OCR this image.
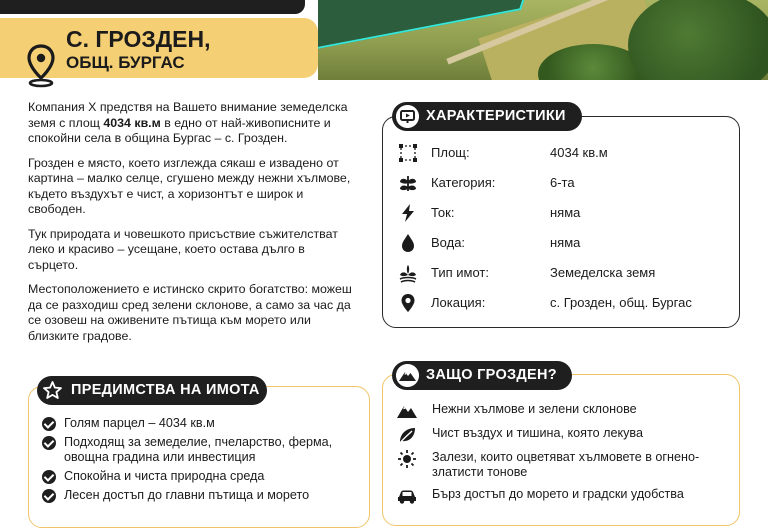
С. ГРОЗДЕН,
ОБЩ. БУРГАС

Компания Х предствя на Вашето внимание земеделска земя с площ 4034 кв.м в едно от най-живописните и спокойни села в община Бургас – с. Грозден.

Грозден е място, което изглежда сякаш е извадено от картина – малко селце, сгушено между нежни хълмове, където въздухът е чист, а хоризонтът е широк и свободен.

Тук природата и човешкото присъствие съжителстват леко и красиво – усещане, което остава дълго в сърцето.

Местоположението е истинско скрито богатство: можеш да се разходиш сред зелени склонове, а само за час да се озовеш на оживените пътища към морето или близките градове.

ХАРАКТЕРИСТИКИ
Площ:	4034 кв.м
Категория:	6-та
Ток:	няма
Вода:	няма
Тип имот:	Земеделска земя
Локация:	с. Грозден, общ. Бургас
ПРЕДИМСТВА НА ИМОТА
Голям парцел – 4034 кв.м
Подходящ за земеделие, пчеларство, ферма, овощна градина или инвестиция
Спокойна и чиста природна среда
Лесен достъп до главни пътища и морето
ЗАЩО ГРОЗДЕН?
Нежни хълмове и зелени склонове
Чист въздух и тишина, която лекува
Залези, които оцветяват хълмовете в огнено-златисти тонове
Бърз достъп до морето и градски удобства
